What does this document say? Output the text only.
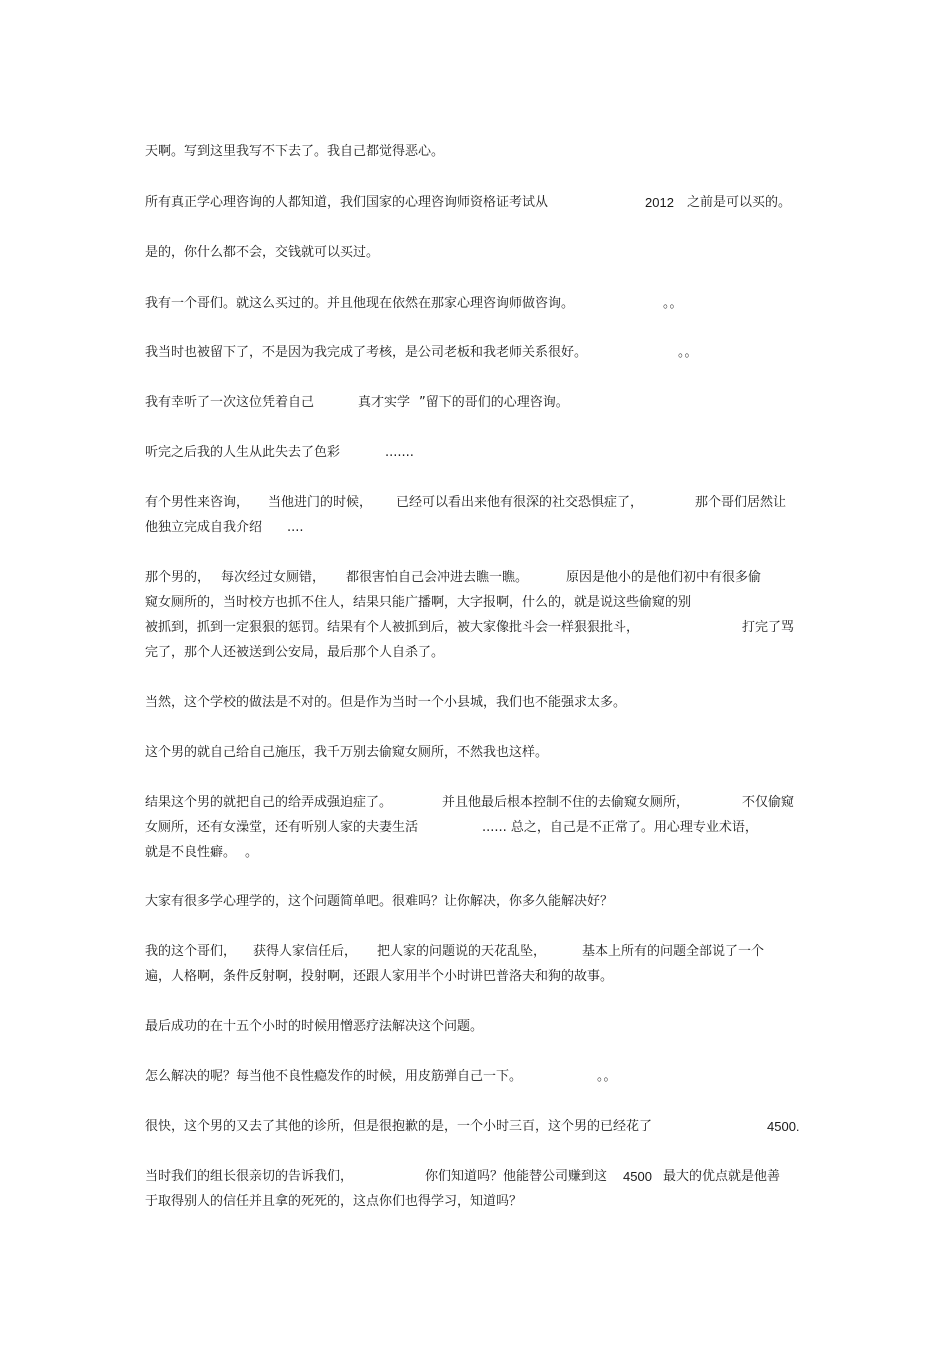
天啊。写到这里我写不下去了。我自己都觉得恶心。
所有真正学心理咨询的人都知道，我们国家的心理咨询师资格证考试从	2012 之前是可以买的。
是的，你什么都不会，交钱就可以买过。
我有一个哥们。就这么买过的。并且他现在依然在那家心理咨询师做咨询。	。。
我当时也被留下了，不是因为我完成了考核，是公司老板和我老师关系很好。	。。
我有幸听了一次这位凭着自己	真才实学 ”留下的哥们的心理咨询。
听完之后我的人生从此失去了色彩	.......
有个男性来咨询， 当他进门的时候， 已经可以看出来他有很深的社交恐惧症了，	那个哥们居然让
他独立完成自我介绍 ....
那个男的， 每次经过女厕错， 都很害怕自己会冲进去瞧一瞧。	原因是他小的是他们初中有很多偷
窥女厕所的，当时校方也抓不住人，结果只能广播啊，大字报啊，什么的，就是说这些偷窥的别
被抓到，抓到一定狠狠的惩罚。结果有个人被抓到后，被大家像批斗会一样狠狠批斗，	打完了骂
完了，那个人还被送到公安局，最后那个人自杀了。
当然，这个学校的做法是不对的。但是作为当时一个小县城，我们也不能强求太多。
这个男的就自己给自己施压，我千万别去偷窥女厕所，不然我也这样。
结果这个男的就把自己的给弄成强迫症了。	并且他最后根本控制不住的去偷窥女厕所，	不仅偷窥
女厕所，还有女澡堂，还有听别人家的夫妻生活	...... 总之，自己是不正常了。用心理专业术语，
就是不良性癖。 。
大家有很多学心理学的，这个问题简单吧。很难吗？让你解决，你多久能解决好？
我的这个哥们， 获得人家信任后， 把人家的问题说的天花乱坠，	基本上所有的问题全部说了一个
遍，人格啊，条件反射啊，投射啊，还跟人家用半个小时讲巴普洛夫和狗的故事。
最后成功的在十五个小时的时候用憎恶疗法解决这个问题。
怎么解决的呢？每当他不良性瘾发作的时候，用皮筋弹自己一下。	。。
很快，这个男的又去了其他的诊所，但是很抱歉的是，一个小时三百，这个男的已经花了	4500.
当时我们的组长很亲切的告诉我们，	你们知道吗？他能替公司赚到这 4500 最大的优点就是他善
于取得别人的信任并且拿的死死的，这点你们也得学习，知道吗？
